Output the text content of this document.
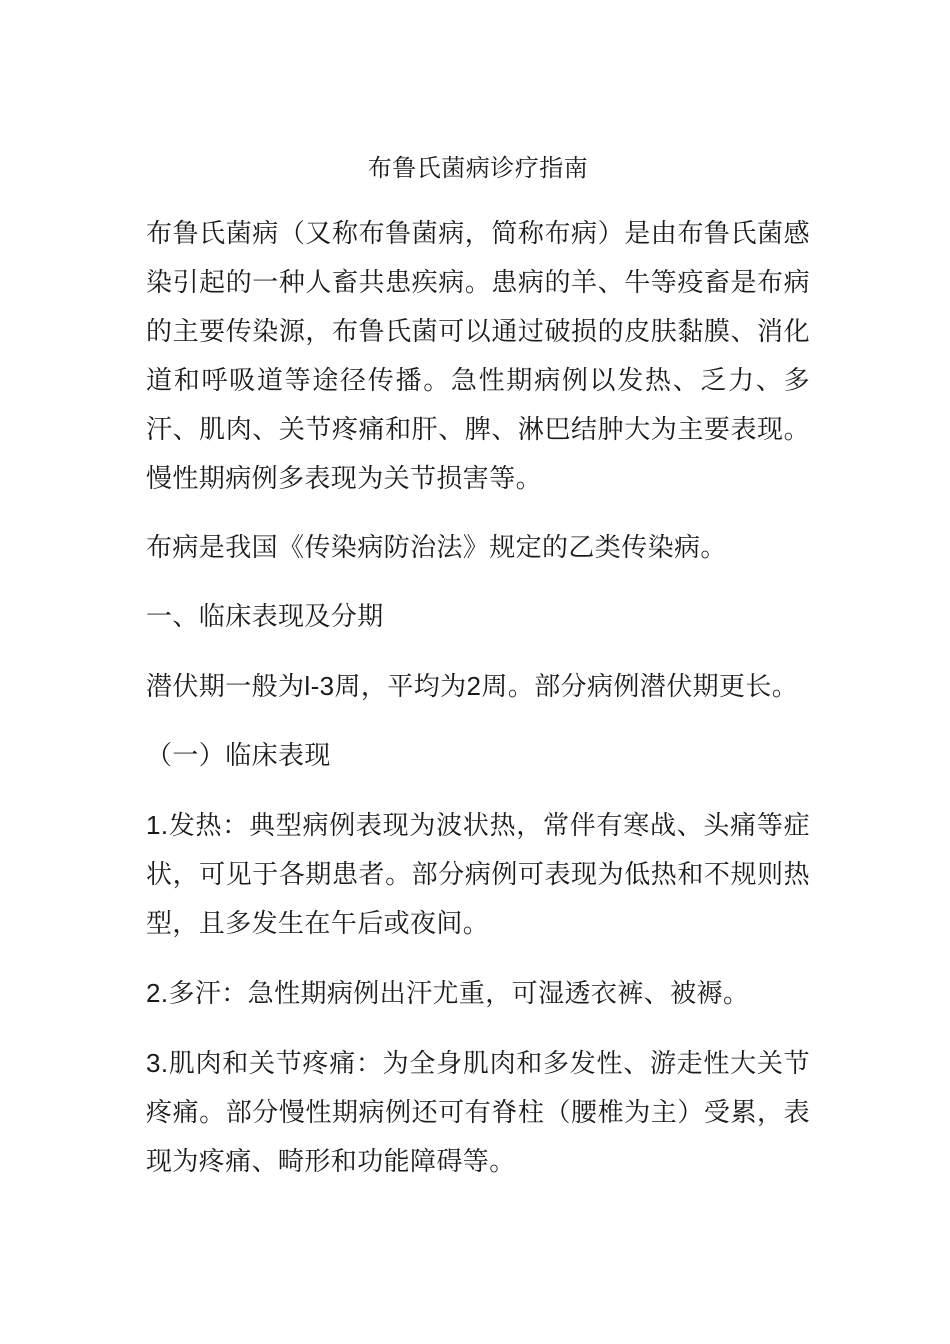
布鲁氏菌病诊疗指南

布鲁氏菌病（又称布鲁菌病，简称布病）是由布鲁氏菌感染引起的一种人畜共患疾病。患病的羊、牛等疫畜是布病的主要传染源，布鲁氏菌可以通过破损的皮肤黏膜、消化道和呼吸道等途径传播。急性期病例以发热、乏力、多汗、肌肉、关节疼痛和肝、脾、淋巴结肿大为主要表现。慢性期病例多表现为关节损害等。

布病是我国《传染病防治法》规定的乙类传染病。

一、临床表现及分期

潜伏期一般为l-3周，平均为2周。部分病例潜伏期更长。

（一）临床表现

1.发热：典型病例表现为波状热，常伴有寒战、头痛等症状，可见于各期患者。部分病例可表现为低热和不规则热型，且多发生在午后或夜间。

2.多汗：急性期病例出汗尤重，可湿透衣裤、被褥。

3.肌肉和关节疼痛：为全身肌肉和多发性、游走性大关节疼痛。部分慢性期病例还可有脊柱（腰椎为主）受累，表现为疼痛、畸形和功能障碍等。
